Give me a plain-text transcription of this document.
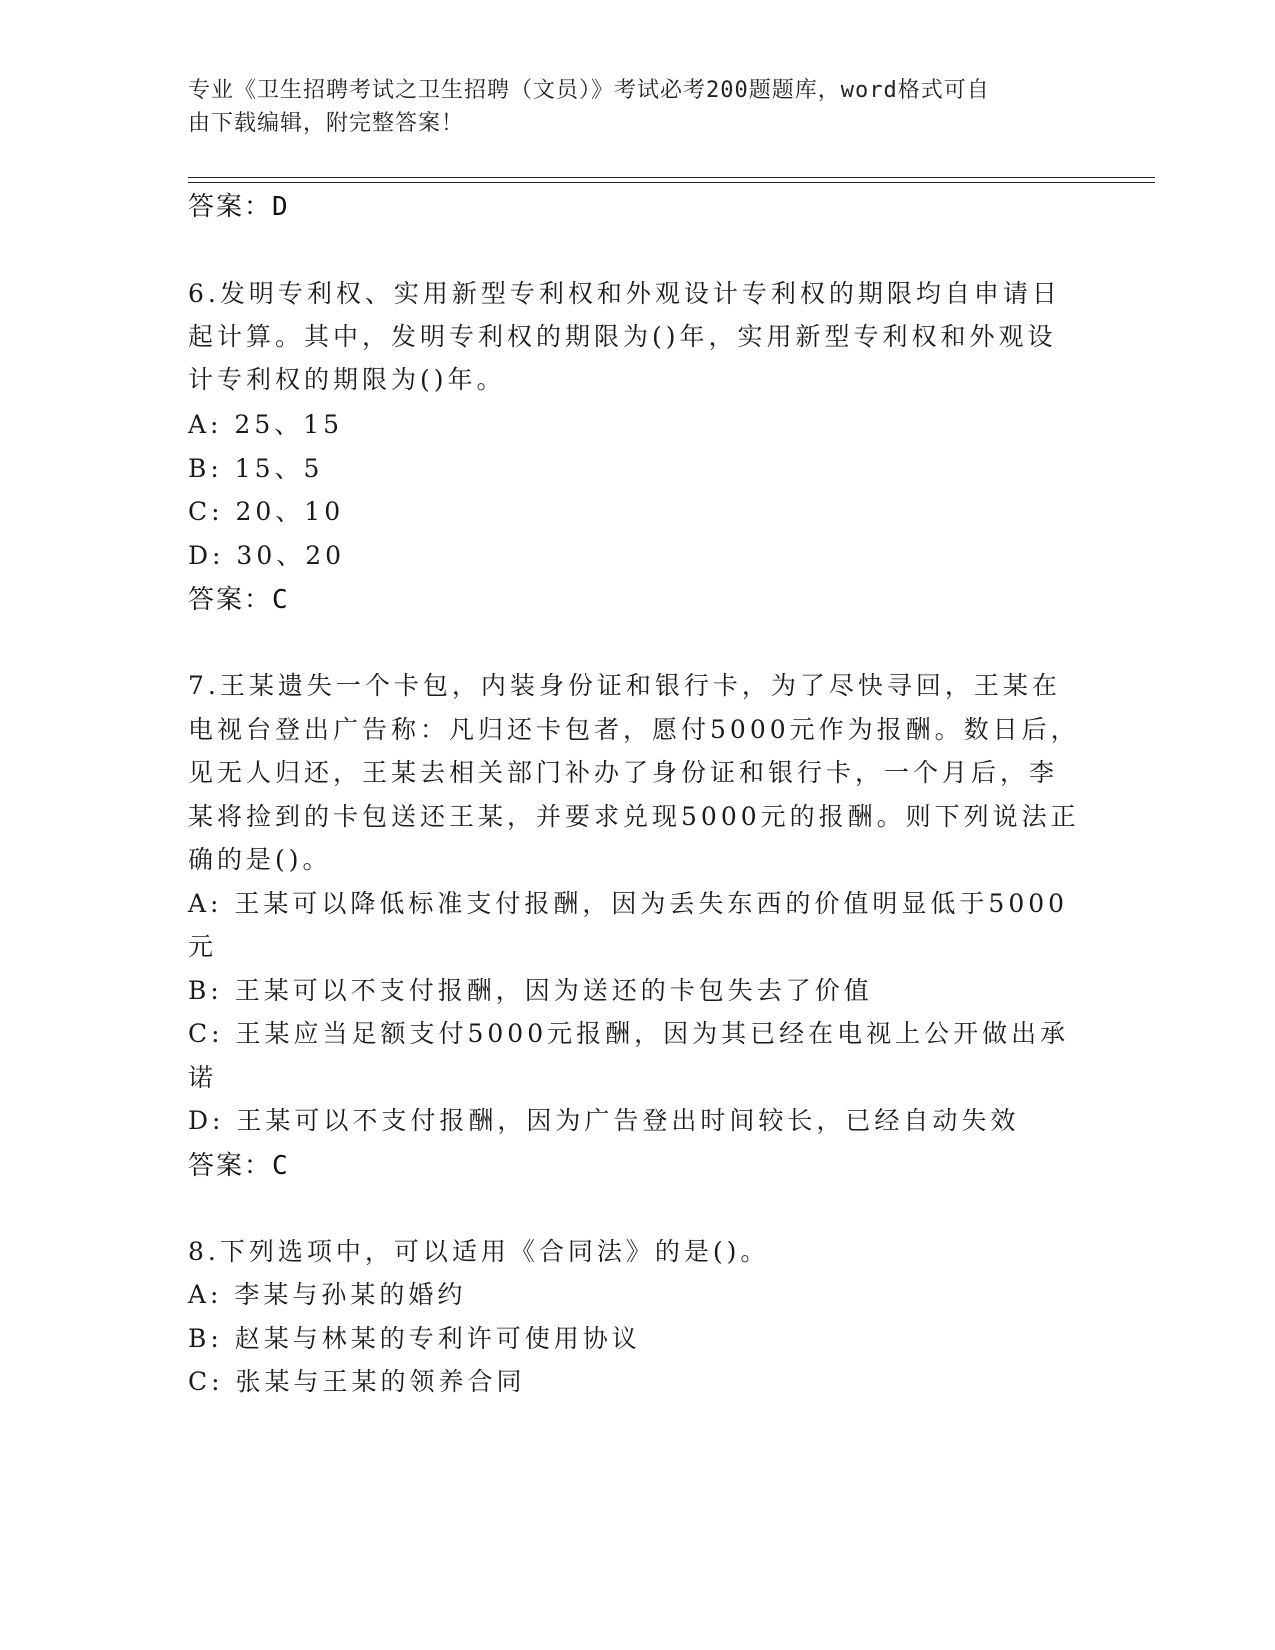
专业《卫生招聘考试之卫生招聘（文员）》考试必考200题题库，word格式可自
由下载编辑，附完整答案！
答案：D
6.发明专利权、实用新型专利权和外观设计专利权的期限均自申请日
起计算。其中，发明专利权的期限为()年，实用新型专利权和外观设
计专利权的期限为()年。
A: 25、15
B: 15、5
C: 20、10
D: 30、20
答案：C
7.王某遗失一个卡包，内装身份证和银行卡，为了尽快寻回，王某在
电视台登出广告称：凡归还卡包者，愿付5000元作为报酬。数日后，
见无人归还，王某去相关部门补办了身份证和银行卡，一个月后，李
某将捡到的卡包送还王某，并要求兑现5000元的报酬。则下列说法正
确的是()。
A: 王某可以降低标准支付报酬，因为丢失东西的价值明显低于5000
元
B: 王某可以不支付报酬，因为送还的卡包失去了价值
C: 王某应当足额支付5000元报酬，因为其已经在电视上公开做出承
诺
D: 王某可以不支付报酬，因为广告登出时间较长，已经自动失效
答案：C
8.下列选项中，可以适用《合同法》的是()。
A: 李某与孙某的婚约
B: 赵某与林某的专利许可使用协议
C: 张某与王某的领养合同
